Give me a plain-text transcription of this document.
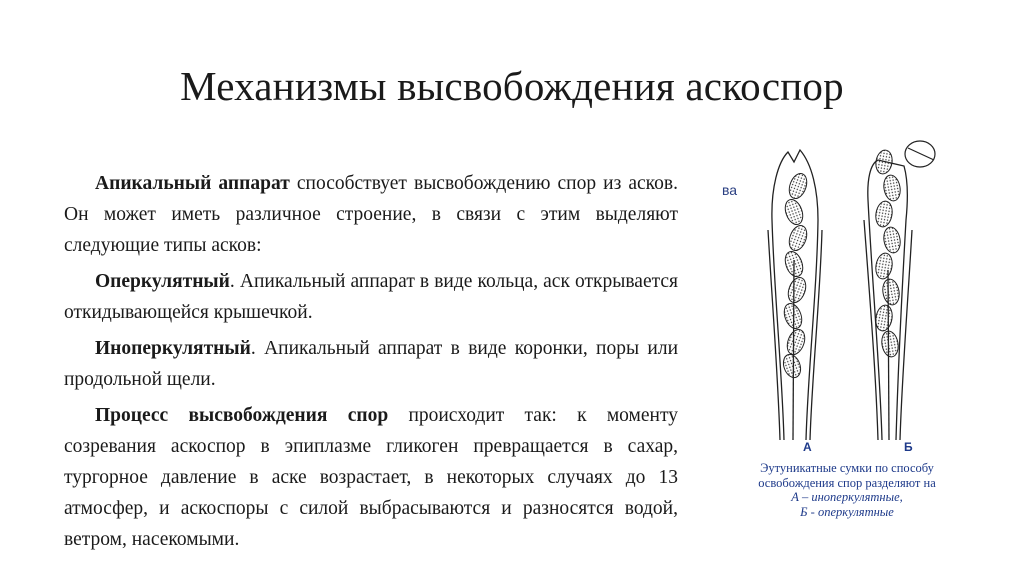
Механизмы высвобождения аскоспор

Апикальный аппарат способствует высвобождению спор из асков. Он может иметь различное строение, в связи с этим выделяют следующие типы асков:

Оперкулятный. Апикальный аппарат в виде кольца, аск открывается откидывающейся крышечкой.

Иноперкулятный. Апикальный аппарат в виде коронки, поры или продольной щели.

Процесс высвобождения спор происходит так: к моменту созревания аскоспор в эпиплазме гликоген превращается в сахар, тургорное давление в аске возрастает, в некоторых случаях до 13 атмосфер, и аскоспоры с силой выбрасываются и разносятся водой, ветром, насекомыми.

ва
А	Б
Эутуникатные сумки по способу
освобождения спор разделяют на
А – иноперкулятные,
Б - оперкулятные
